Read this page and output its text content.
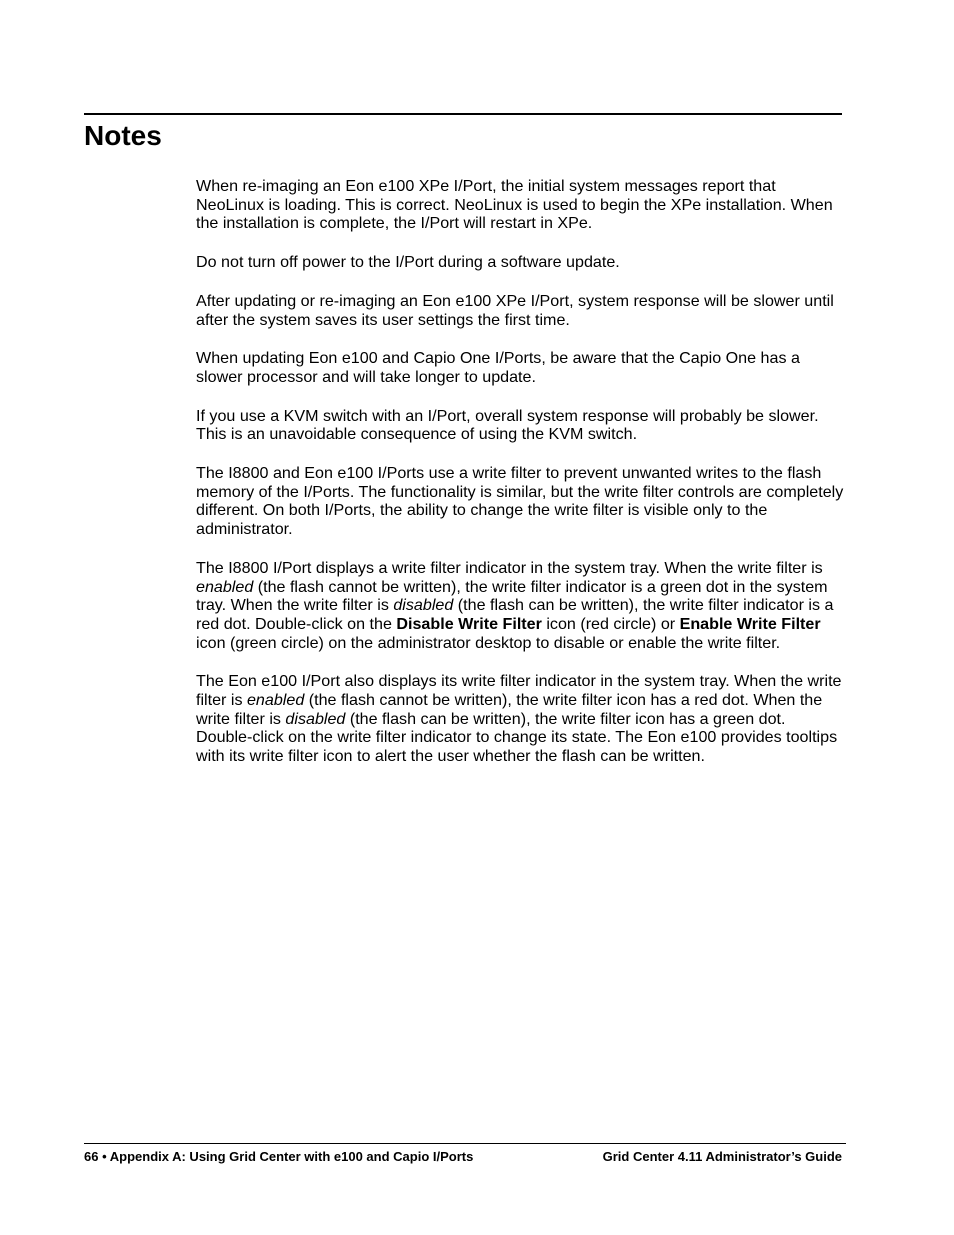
Notes

When re-imaging an Eon e100 XPe I/Port, the initial system messages report that NeoLinux is loading. This is correct. NeoLinux is used to begin the XPe installation. When the installation is complete, the I/Port will restart in XPe.

Do not turn off power to the I/Port during a software update.

After updating or re-imaging an Eon e100 XPe I/Port, system response will be slower until after the system saves its user settings the first time.

When updating Eon e100 and Capio One I/Ports, be aware that the Capio One has a slower processor and will take longer to update.

If you use a KVM switch with an I/Port, overall system response will probably be slower. This is an unavoidable consequence of using the KVM switch.

The I8800 and Eon e100 I/Ports use a write filter to prevent unwanted writes to the flash memory of the I/Ports. The functionality is similar, but the write filter controls are completely different. On both I/Ports, the ability to change the write filter is visible only to the administrator.

The I8800 I/Port displays a write filter indicator in the system tray. When the write filter is enabled (the flash cannot be written), the write filter indicator is a green dot in the system tray. When the write filter is disabled (the flash can be written), the write filter indicator is a red dot. Double-click on the Disable Write Filter icon (red circle) or Enable Write Filter icon (green circle) on the administrator desktop to disable or enable the write filter.

The Eon e100 I/Port also displays its write filter indicator in the system tray. When the write filter is enabled (the flash cannot be written), the write filter icon has a red dot. When the write filter is disabled (the flash can be written), the write filter icon has a green dot. Double-click on the write filter indicator to change its state. The Eon e100 provides tooltips with its write filter icon to alert the user whether the flash can be written.

66 • Appendix A: Using Grid Center with e100 and Capio I/Ports	Grid Center 4.11 Administrator’s Guide
